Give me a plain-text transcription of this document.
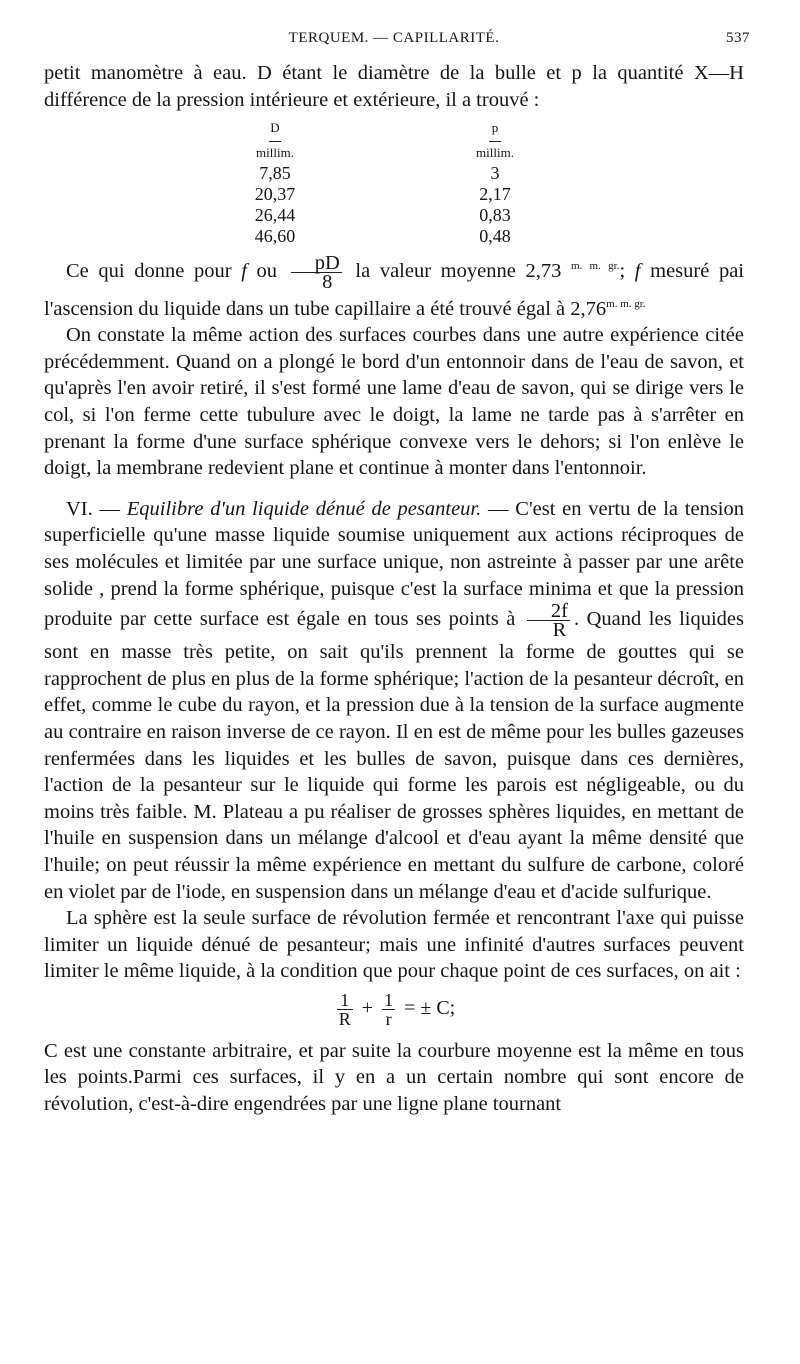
TERQUEM. — CAPILLARITÉ.	537

petit manomètre à eau. D étant le diamètre de la bulle et p la quantité X—H différence de la pression intérieure et extérieure, il a trouvé :

D		p

millim.		millim.
7,85		3
20,37		2,17
26,44		0,83
46,60		0,48

Ce qui donne pour f ou $\frac{pD}{8}$ la valeur moyenne 2,73 $^{m. m. gr.}$; f mesuré pai l'ascension du liquide dans un tube capillaire a été trouvé égal à $2,76^{m. m. gr.}$

On constate la même action des surfaces courbes dans une autre expérience citée précédemment. Quand on a plongé le bord d'un entonnoir dans de l'eau de savon, et qu'après l'en avoir retiré, il s'est formé une lame d'eau de savon, qui se dirige vers le col, si l'on ferme cette tubulure avec le doigt, la lame ne tarde pas à s'arrêter en prenant la forme d'une surface sphérique convexe vers le dehors; si l'on enlève le doigt, la membrane redevient plane et continue à monter dans l'entonnoir.

VI. — Equilibre d'un liquide dénué de pesanteur. — C'est en vertu de la tension superficielle qu'une masse liquide soumise uniquement aux actions réciproques de ses molécules et limitée par une surface unique, non astreinte à passer par une arête solide , prend la forme sphérique, puisque c'est la surface minima et que la pression produite par cette surface est égale en tous ses points à $\frac{2f}{R}$ . Quand les liquides sont en masse très petite, on sait qu'ils prennent la forme de gouttes qui se rapprochent de plus en plus de la forme sphérique; l'action de la pesanteur décroît, en effet, comme le cube du rayon, et la pression due à la tension de la surface augmente au contraire en raison inverse de ce rayon. Il en est de même pour les bulles gazeuses renfermées dans les liquides et les bulles de savon, puisque dans ces dernières, l'action de la pesanteur sur le liquide qui forme les parois est négligeable, ou du moins très faible. M. Plateau a pu réaliser de grosses sphères liquides, en mettant de l'huile en suspension dans un mélange d'alcool et d'eau ayant la même densité que l'huile; on peut réussir la même expérience en mettant du sulfure de carbone, coloré en violet par de l'iode, en suspension dans un mélange d'eau et d'acide sulfurique.

La sphère est la seule surface de révolution fermée et rencontrant l'axe qui puisse limiter un liquide dénué de pesanteur; mais une infinité d'autres surfaces peuvent limiter le même liquide, à la condition que pour chaque point de ces surfaces, on ait :

$\frac{1}{R} + \frac{1}{r}$ = ± C;

C est une constante arbitraire, et par suite la courbure moyenne est la même en tous les points.Parmi ces surfaces, il y en a un certain nombre qui sont encore de révolution, c'est-à-dire engendrées par une ligne plane tournant
